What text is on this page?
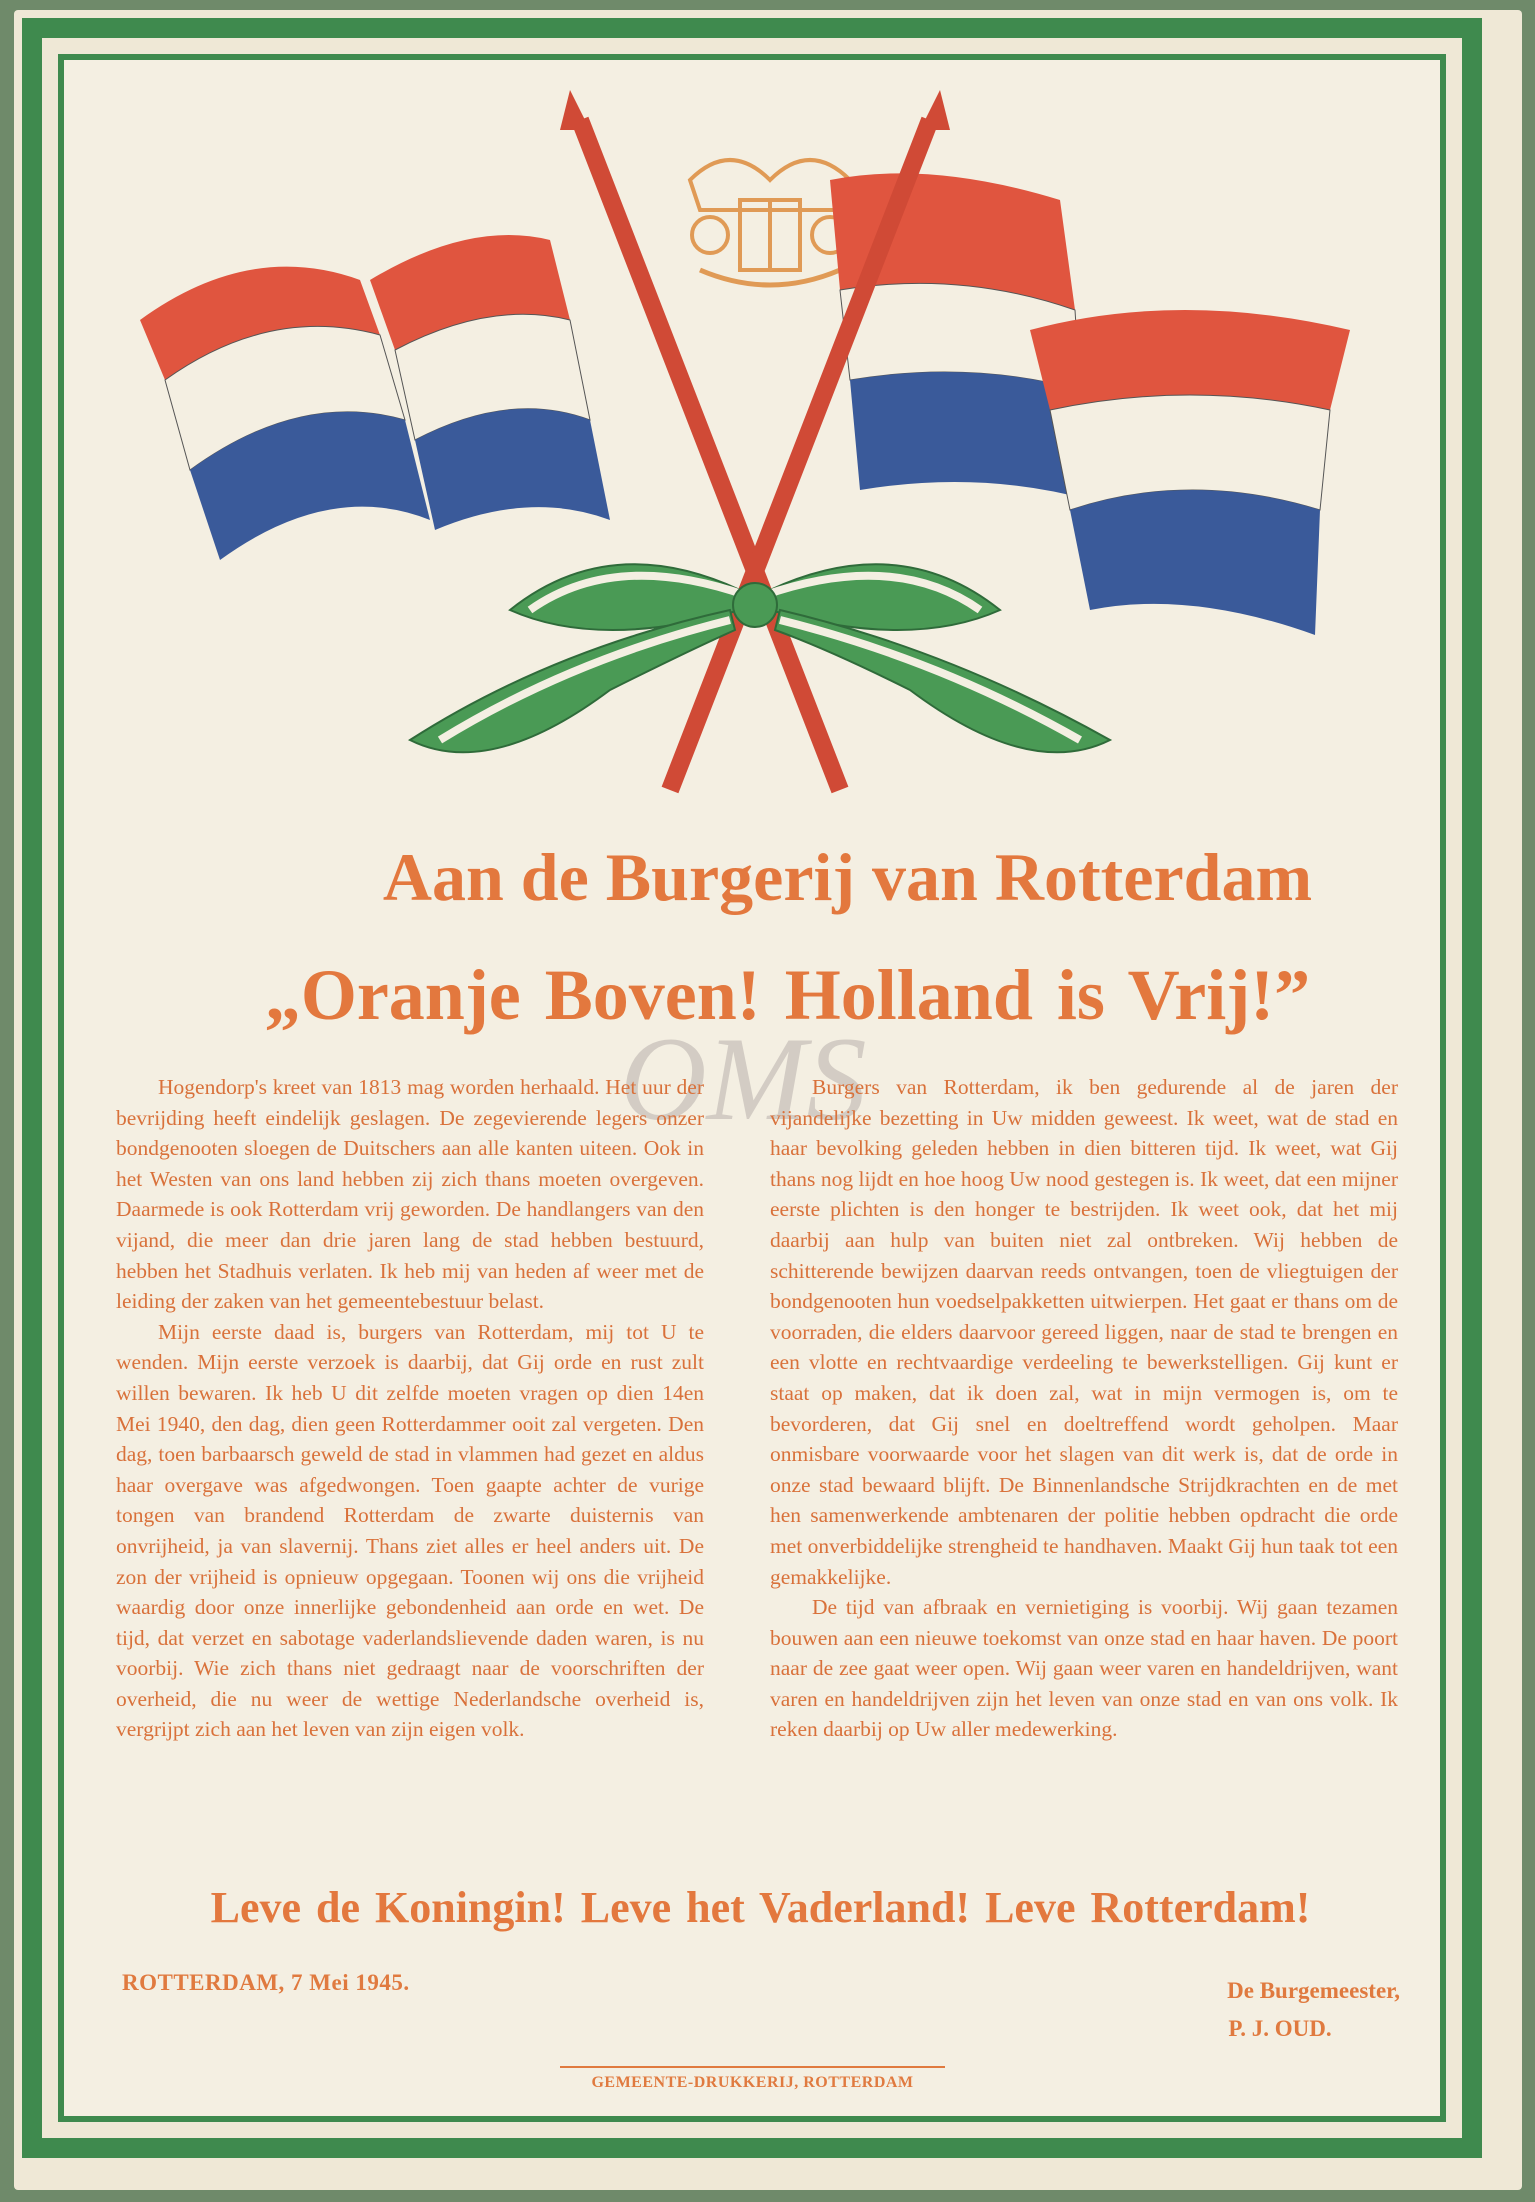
Aan de Burgerij van Rotterdam
„Oranje Boven! Holland is Vrij!”
OMS

Hogendorp's kreet van 1813 mag worden herhaald. Het uur der bevrijding heeft eindelijk geslagen. De zegevierende legers onzer bondgenooten sloegen de Duitschers aan alle kanten uiteen. Ook in het Westen van ons land hebben zij zich thans moeten overgeven. Daarmede is ook Rotterdam vrij geworden. De handlangers van den vijand, die meer dan drie jaren lang de stad hebben bestuurd, hebben het Stadhuis verlaten. Ik heb mij van heden af weer met de leiding der zaken van het gemeentebestuur belast.

Mijn eerste daad is, burgers van Rotterdam, mij tot U te wenden. Mijn eerste verzoek is daarbij, dat Gij orde en rust zult willen bewaren. Ik heb U dit zelfde moeten vragen op dien 14en Mei 1940, den dag, dien geen Rotterdammer ooit zal vergeten. Den dag, toen barbaarsch geweld de stad in vlammen had gezet en aldus haar overgave was afgedwongen. Toen gaapte achter de vurige tongen van brandend Rotterdam de zwarte duisternis van onvrijheid, ja van slavernij. Thans ziet alles er heel anders uit. De zon der vrijheid is opnieuw opgegaan. Toonen wij ons die vrijheid waardig door onze innerlijke gebondenheid aan orde en wet. De tijd, dat verzet en sabotage vaderlandslievende daden waren, is nu voorbij. Wie zich thans niet gedraagt naar de voorschriften der overheid, die nu weer de wettige Nederlandsche overheid is, vergrijpt zich aan het leven van zijn eigen volk.

Burgers van Rotterdam, ik ben gedurende al de jaren der vijandelijke bezetting in Uw midden geweest. Ik weet, wat de stad en haar bevolking geleden hebben in dien bitteren tijd. Ik weet, wat Gij thans nog lijdt en hoe hoog Uw nood gestegen is. Ik weet, dat een mijner eerste plichten is den honger te bestrijden. Ik weet ook, dat het mij daarbij aan hulp van buiten niet zal ontbreken. Wij hebben de schitterende bewijzen daarvan reeds ontvangen, toen de vliegtuigen der bondgenooten hun voedselpakketten uitwierpen. Het gaat er thans om de voorraden, die elders daarvoor gereed liggen, naar de stad te brengen en een vlotte en rechtvaardige verdeeling te bewerkstelligen. Gij kunt er staat op maken, dat ik doen zal, wat in mijn vermogen is, om te bevorderen, dat Gij snel en doeltreffend wordt geholpen. Maar onmisbare voorwaarde voor het slagen van dit werk is, dat de orde in onze stad bewaard blijft. De Binnenlandsche Strijdkrachten en de met hen samenwerkende ambtenaren der politie hebben opdracht die orde met onverbiddelijke strengheid te handhaven. Maakt Gij hun taak tot een gemakkelijke.

De tijd van afbraak en vernietiging is voorbij. Wij gaan tezamen bouwen aan een nieuwe toekomst van onze stad en haar haven. De poort naar de zee gaat weer open. Wij gaan weer varen en handeldrijven, want varen en handeldrijven zijn het leven van onze stad en van ons volk. Ik reken daarbij op Uw aller medewerking.

Leve de Koningin! Leve het Vaderland! Leve Rotterdam!
ROTTERDAM, 7 Mei 1945.	De Burgemeester,

P. J. OUD.
GEMEENTE-DRUKKERIJ, ROTTERDAM
